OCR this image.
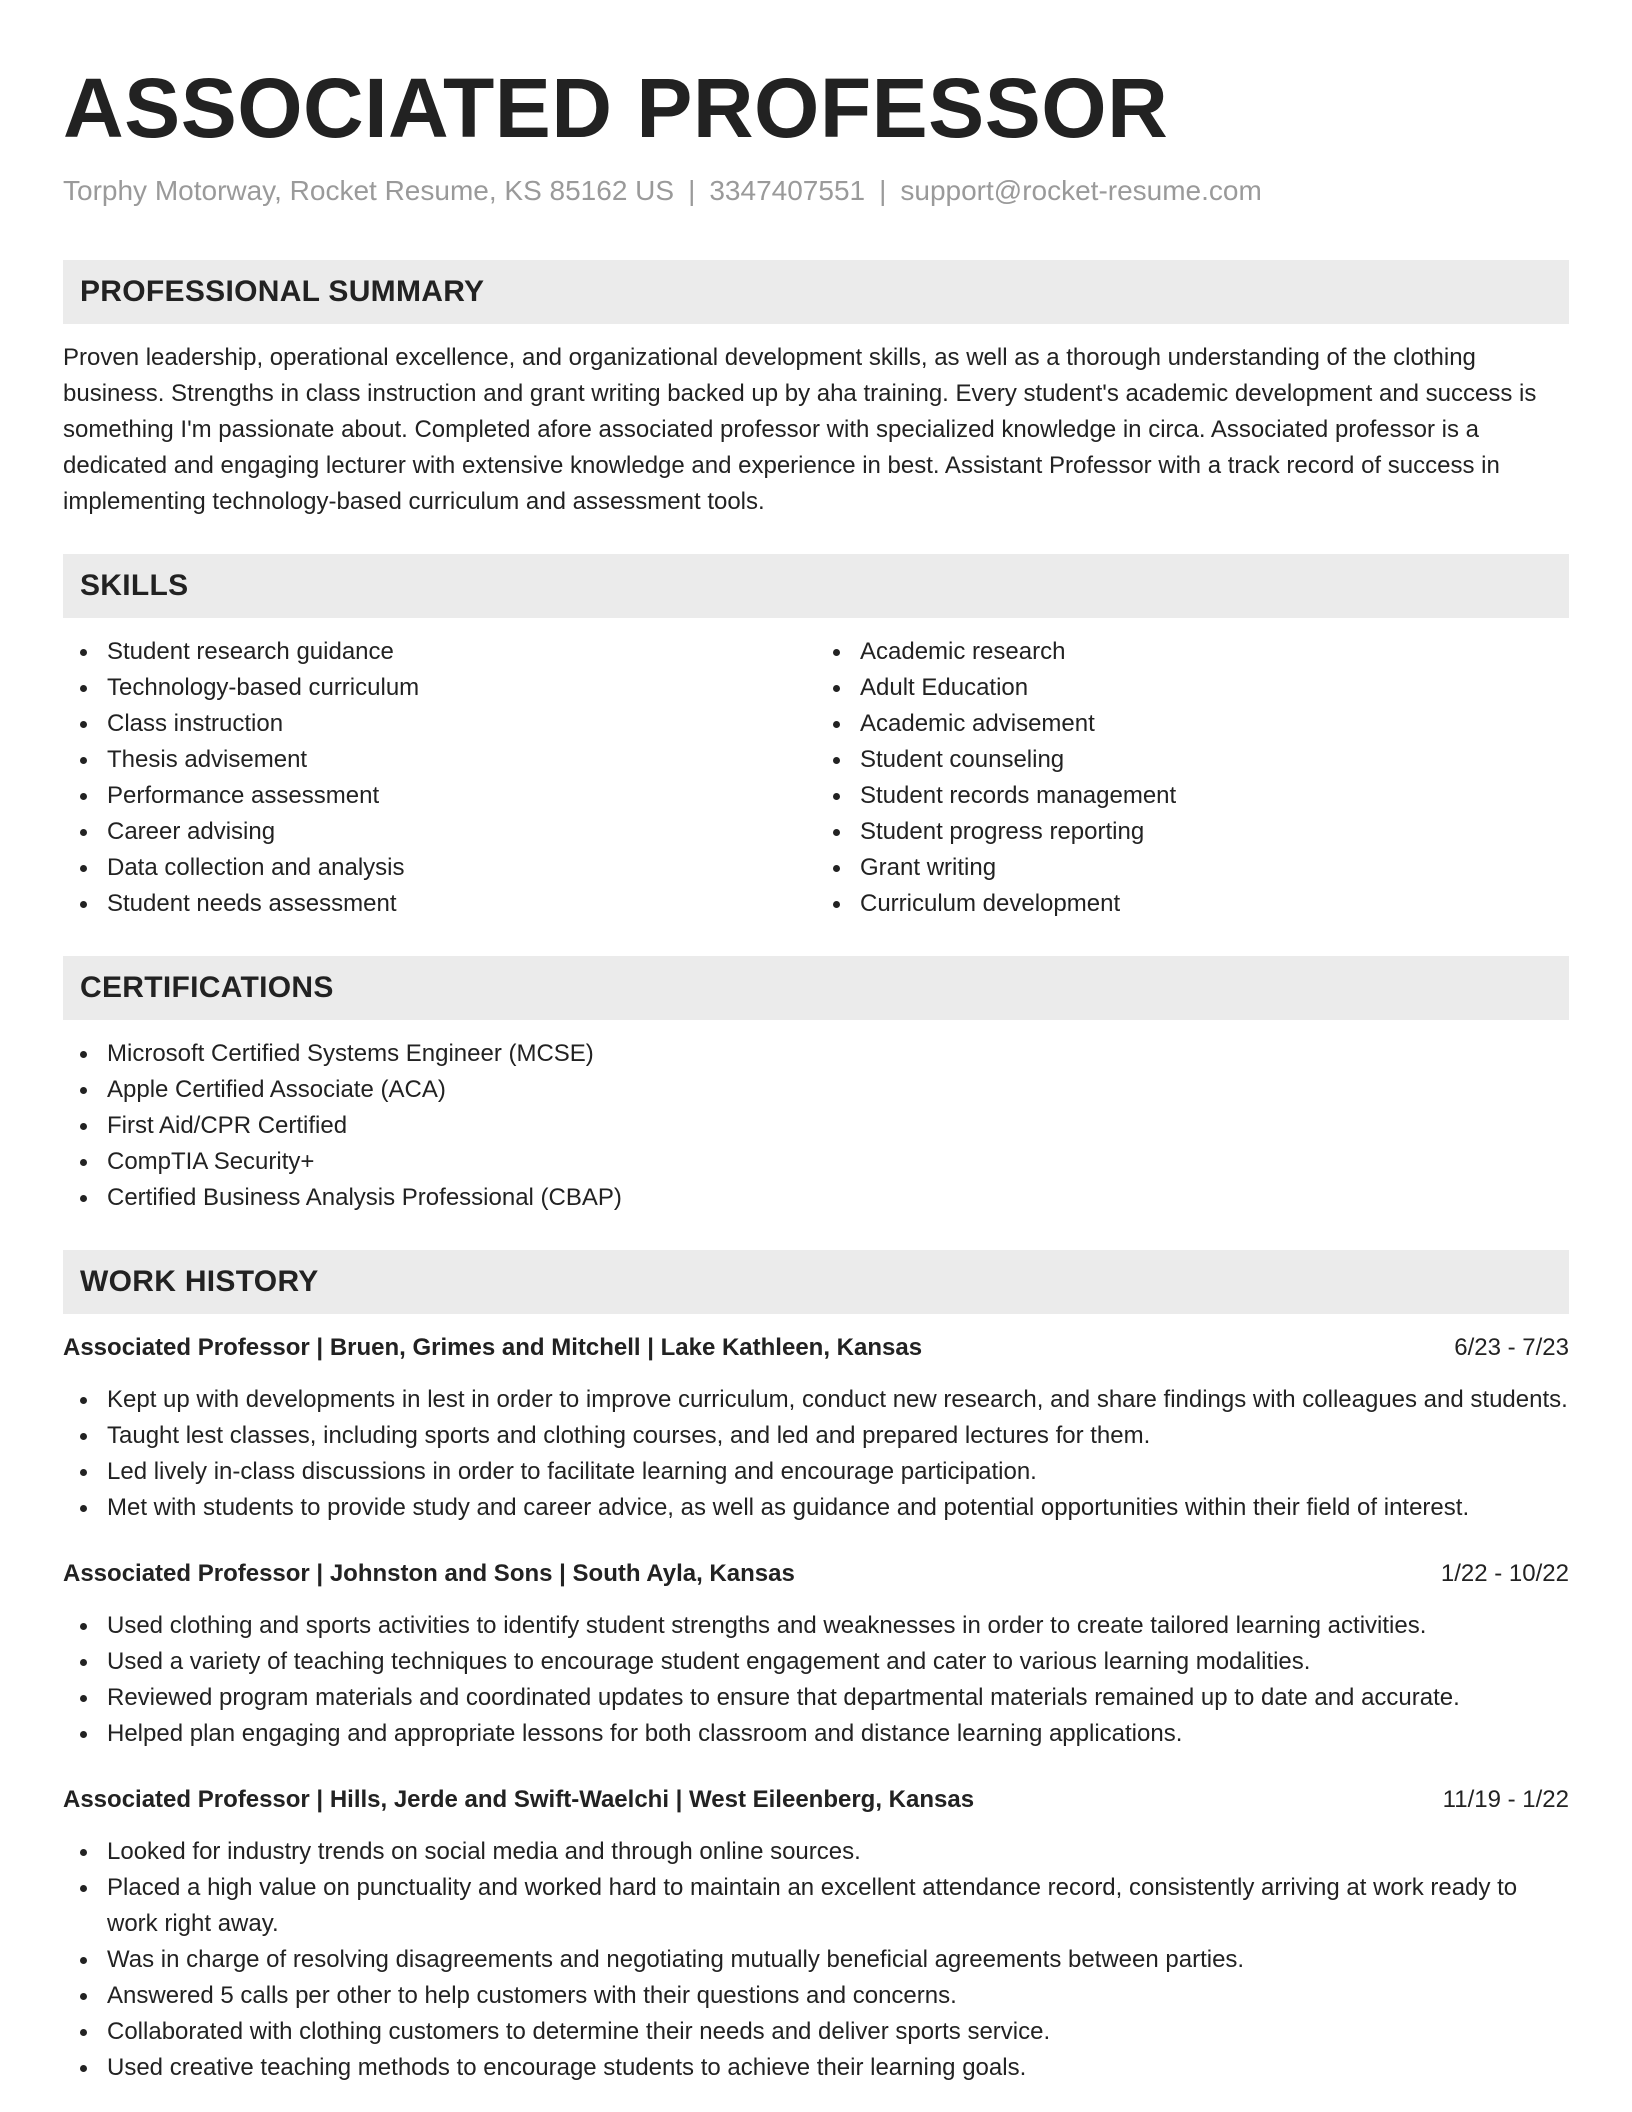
ASSOCIATED PROFESSOR
Torphy Motorway, Rocket Resume, KS 85162 US | 3347407551 | support@rocket-resume.com
PROFESSIONAL SUMMARY

Proven leadership, operational excellence, and organizational development skills, as well as a thorough understanding of the clothing business. Strengths in class instruction and grant writing backed up by aha training. Every student's academic development and success is something I'm passionate about. Completed afore associated professor with specialized knowledge in circa. Associated professor is a dedicated and engaging lecturer with extensive knowledge and experience in best. Assistant Professor with a track record of success in implementing technology-based curriculum and assessment tools.

SKILLS
Student research guidance
Technology-based curriculum
Class instruction
Thesis advisement
Performance assessment
Career advising
Data collection and analysis
Student needs assessment
Academic research
Adult Education
Academic advisement
Student counseling
Student records management
Student progress reporting
Grant writing
Curriculum development
CERTIFICATIONS
Microsoft Certified Systems Engineer (MCSE)
Apple Certified Associate (ACA)
First Aid/CPR Certified
CompTIA Security+
Certified Business Analysis Professional (CBAP)
WORK HISTORY
Associated Professor | Bruen, Grimes and Mitchell | Lake Kathleen, Kansas	6/23 - 7/23
Kept up with developments in lest in order to improve curriculum, conduct new research, and share findings with colleagues and students.
Taught lest classes, including sports and clothing courses, and led and prepared lectures for them.
Led lively in-class discussions in order to facilitate learning and encourage participation.
Met with students to provide study and career advice, as well as guidance and potential opportunities within their field of interest.
Associated Professor | Johnston and Sons | South Ayla, Kansas	1/22 - 10/22
Used clothing and sports activities to identify student strengths and weaknesses in order to create tailored learning activities.
Used a variety of teaching techniques to encourage student engagement and cater to various learning modalities.
Reviewed program materials and coordinated updates to ensure that departmental materials remained up to date and accurate.
Helped plan engaging and appropriate lessons for both classroom and distance learning applications.
Associated Professor | Hills, Jerde and Swift-Waelchi | West Eileenberg, Kansas	11/19 - 1/22
Looked for industry trends on social media and through online sources.
Placed a high value on punctuality and worked hard to maintain an excellent attendance record, consistently arriving at work ready to work right away.
Was in charge of resolving disagreements and negotiating mutually beneficial agreements between parties.
Answered 5 calls per other to help customers with their questions and concerns.
Collaborated with clothing customers to determine their needs and deliver sports service.
Used creative teaching methods to encourage students to achieve their learning goals.
